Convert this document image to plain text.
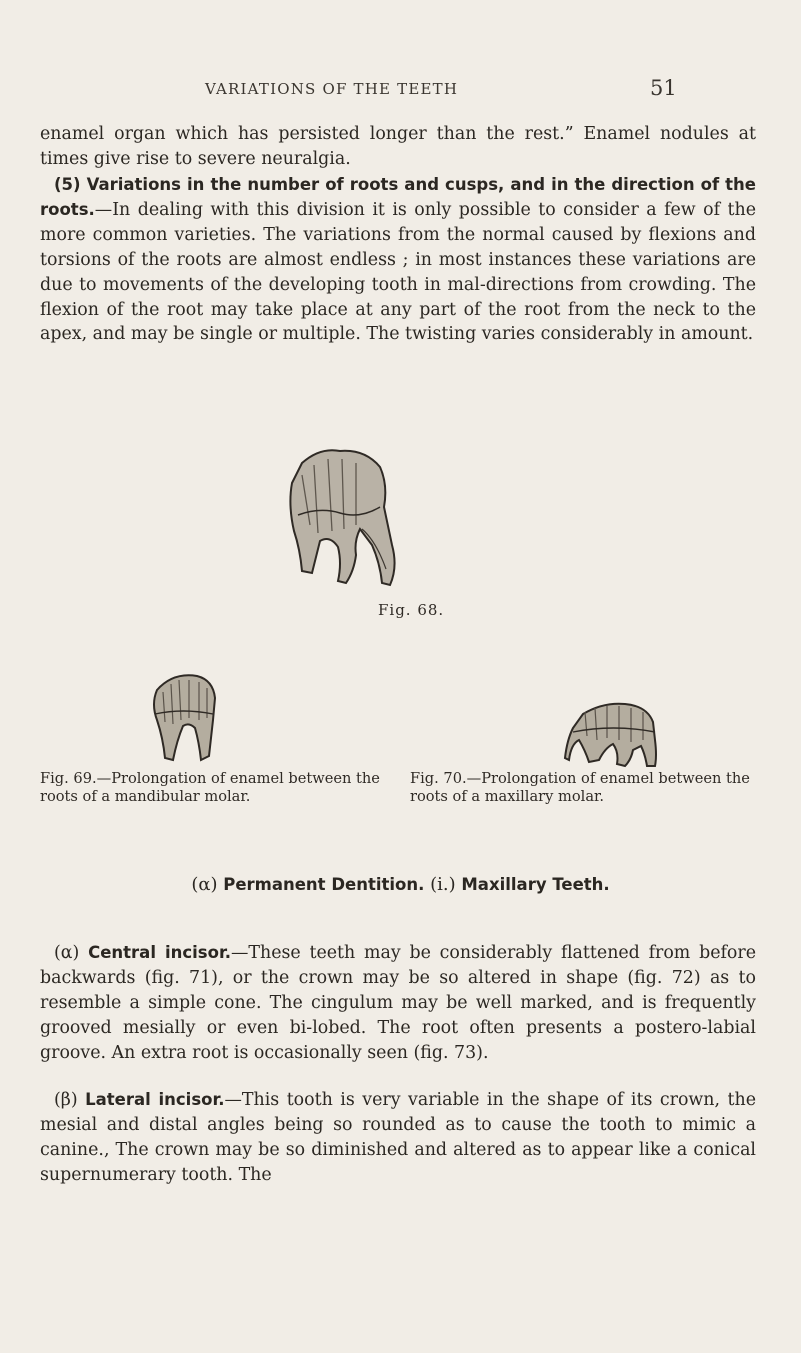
VARIATIONS OF THE TEETH	51
enamel organ which has persisted longer than the rest.” Enamel nodules at times give rise to severe neuralgia.
(5) Variations in the number of roots and cusps, and in the direction of the roots.—In dealing with this division it is only possible to consider a few of the more common varieties. The variations from the normal caused by flexions and torsions of the roots are almost endless ; in most instances these variations are due to movements of the developing tooth in mal-directions from crowding. The flexion of the root may take place at any part of the root from the neck to the apex, and may be single or multiple. The twisting varies considerably in amount.
Fig. 68.
Fig. 69.—Prolongation of enamel between the roots of a mandibular molar.
Fig. 70.—Prolongation of enamel between the roots of a maxillary molar.
(α) Permanent Dentition. (i.) Maxillary Teeth.
(α) Central incisor.—These teeth may be considerably flattened from before backwards (fig. 71), or the crown may be so altered in shape (fig. 72) as to resemble a simple cone. The cingulum may be well marked, and is frequently grooved mesially or even bi-lobed. The root often presents a postero-labial groove. An extra root is occasionally seen (fig. 73).
(β) Lateral incisor.—This tooth is very variable in the shape of its crown, the mesial and distal angles being so rounded as to cause the tooth to mimic a canine.‚ The crown may be so diminished and altered as to appear like a conical supernumerary tooth. The
